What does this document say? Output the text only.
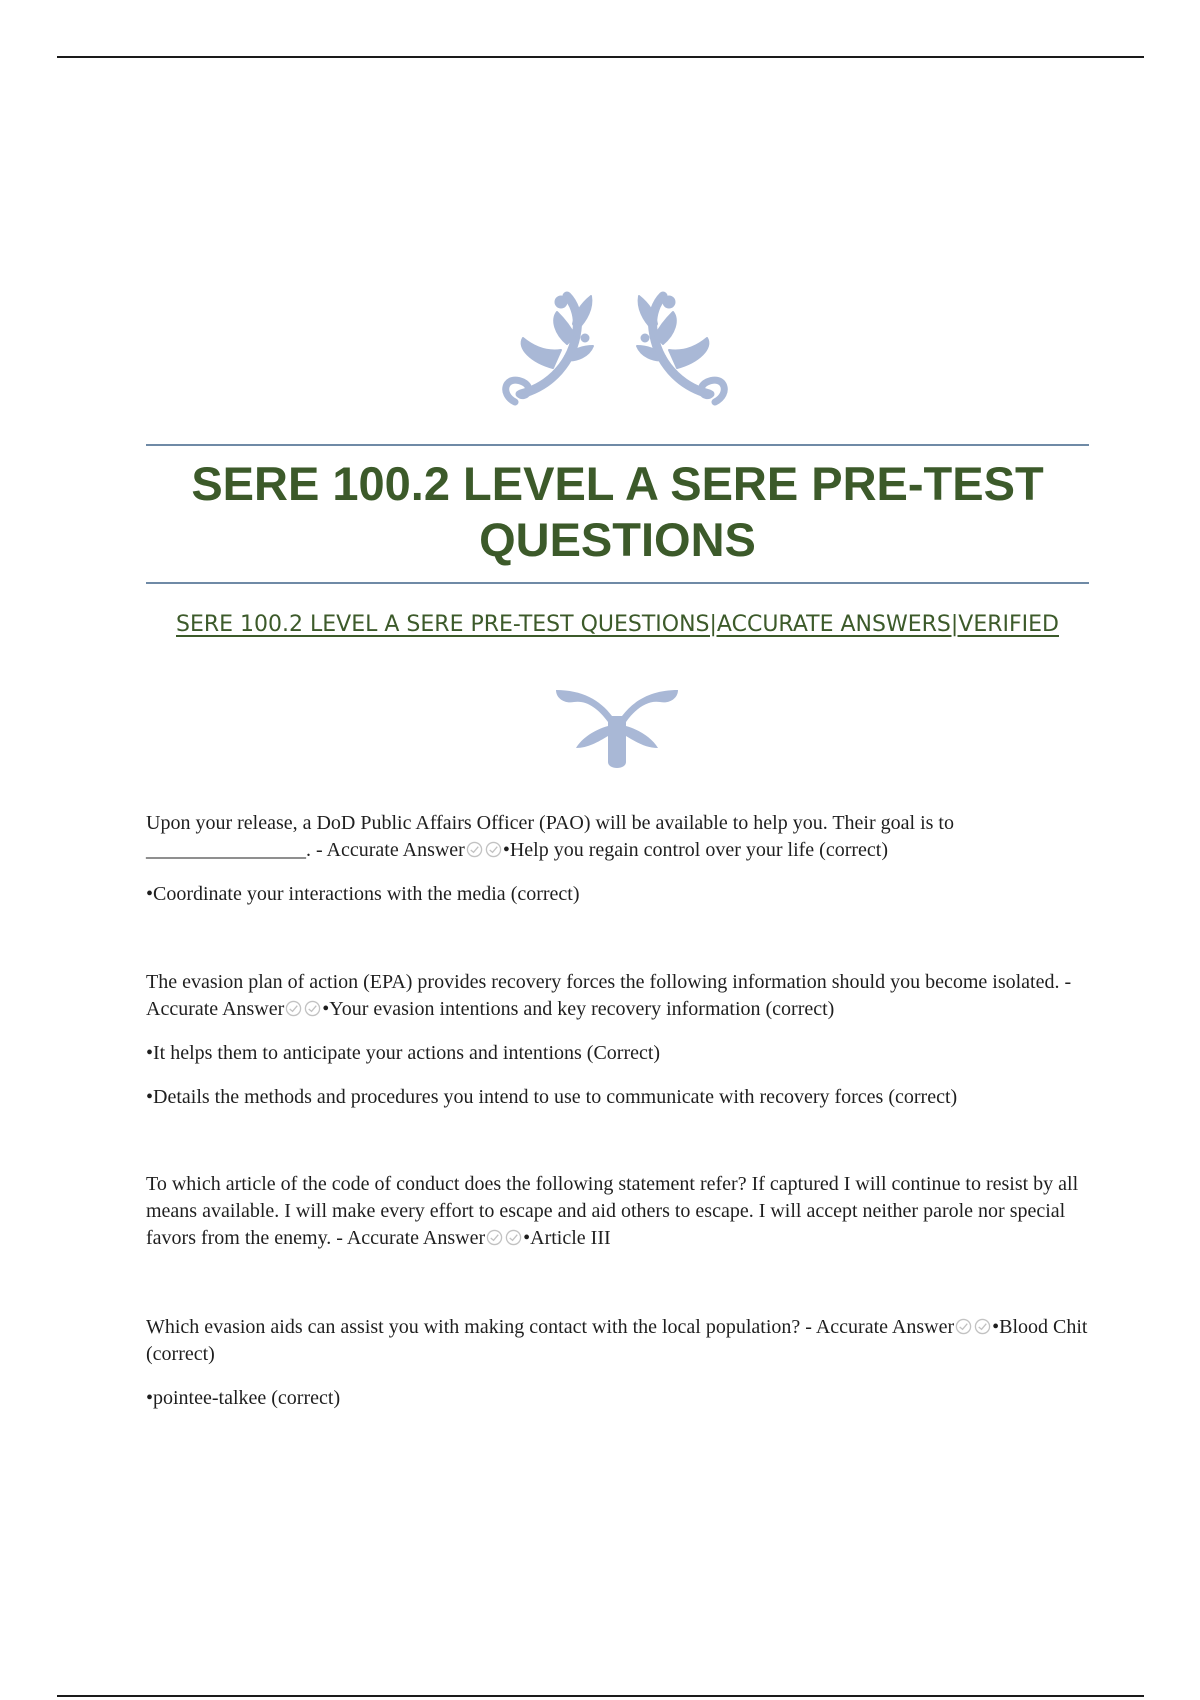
SERE 100.2 LEVEL A SERE PRE-TEST QUESTIONS

SERE 100.2 LEVEL A SERE PRE-TEST QUESTIONS|ACCURATE ANSWERS|VERIFIED

Upon your release, a DoD Public Affairs Officer (PAO) will be available to help you. Their goal is to ________________. - Accurate Answer •Help you regain control over your life (correct)

•Coordinate your interactions with the media (correct)

The evasion plan of action (EPA) provides recovery forces the following information should you become isolated. - Accurate Answer •Your evasion intentions and key recovery information (correct)

•It helps them to anticipate your actions and intentions (Correct)

•Details the methods and procedures you intend to use to communicate with recovery forces (correct)

To which article of the code of conduct does the following statement refer? If captured I will continue to resist by all means available. I will make every effort to escape and aid others to escape. I will accept neither parole nor special favors from the enemy. - Accurate Answer •Article III

Which evasion aids can assist you with making contact with the local population? - Accurate Answer •Blood Chit (correct)

•pointee-talkee (correct)
